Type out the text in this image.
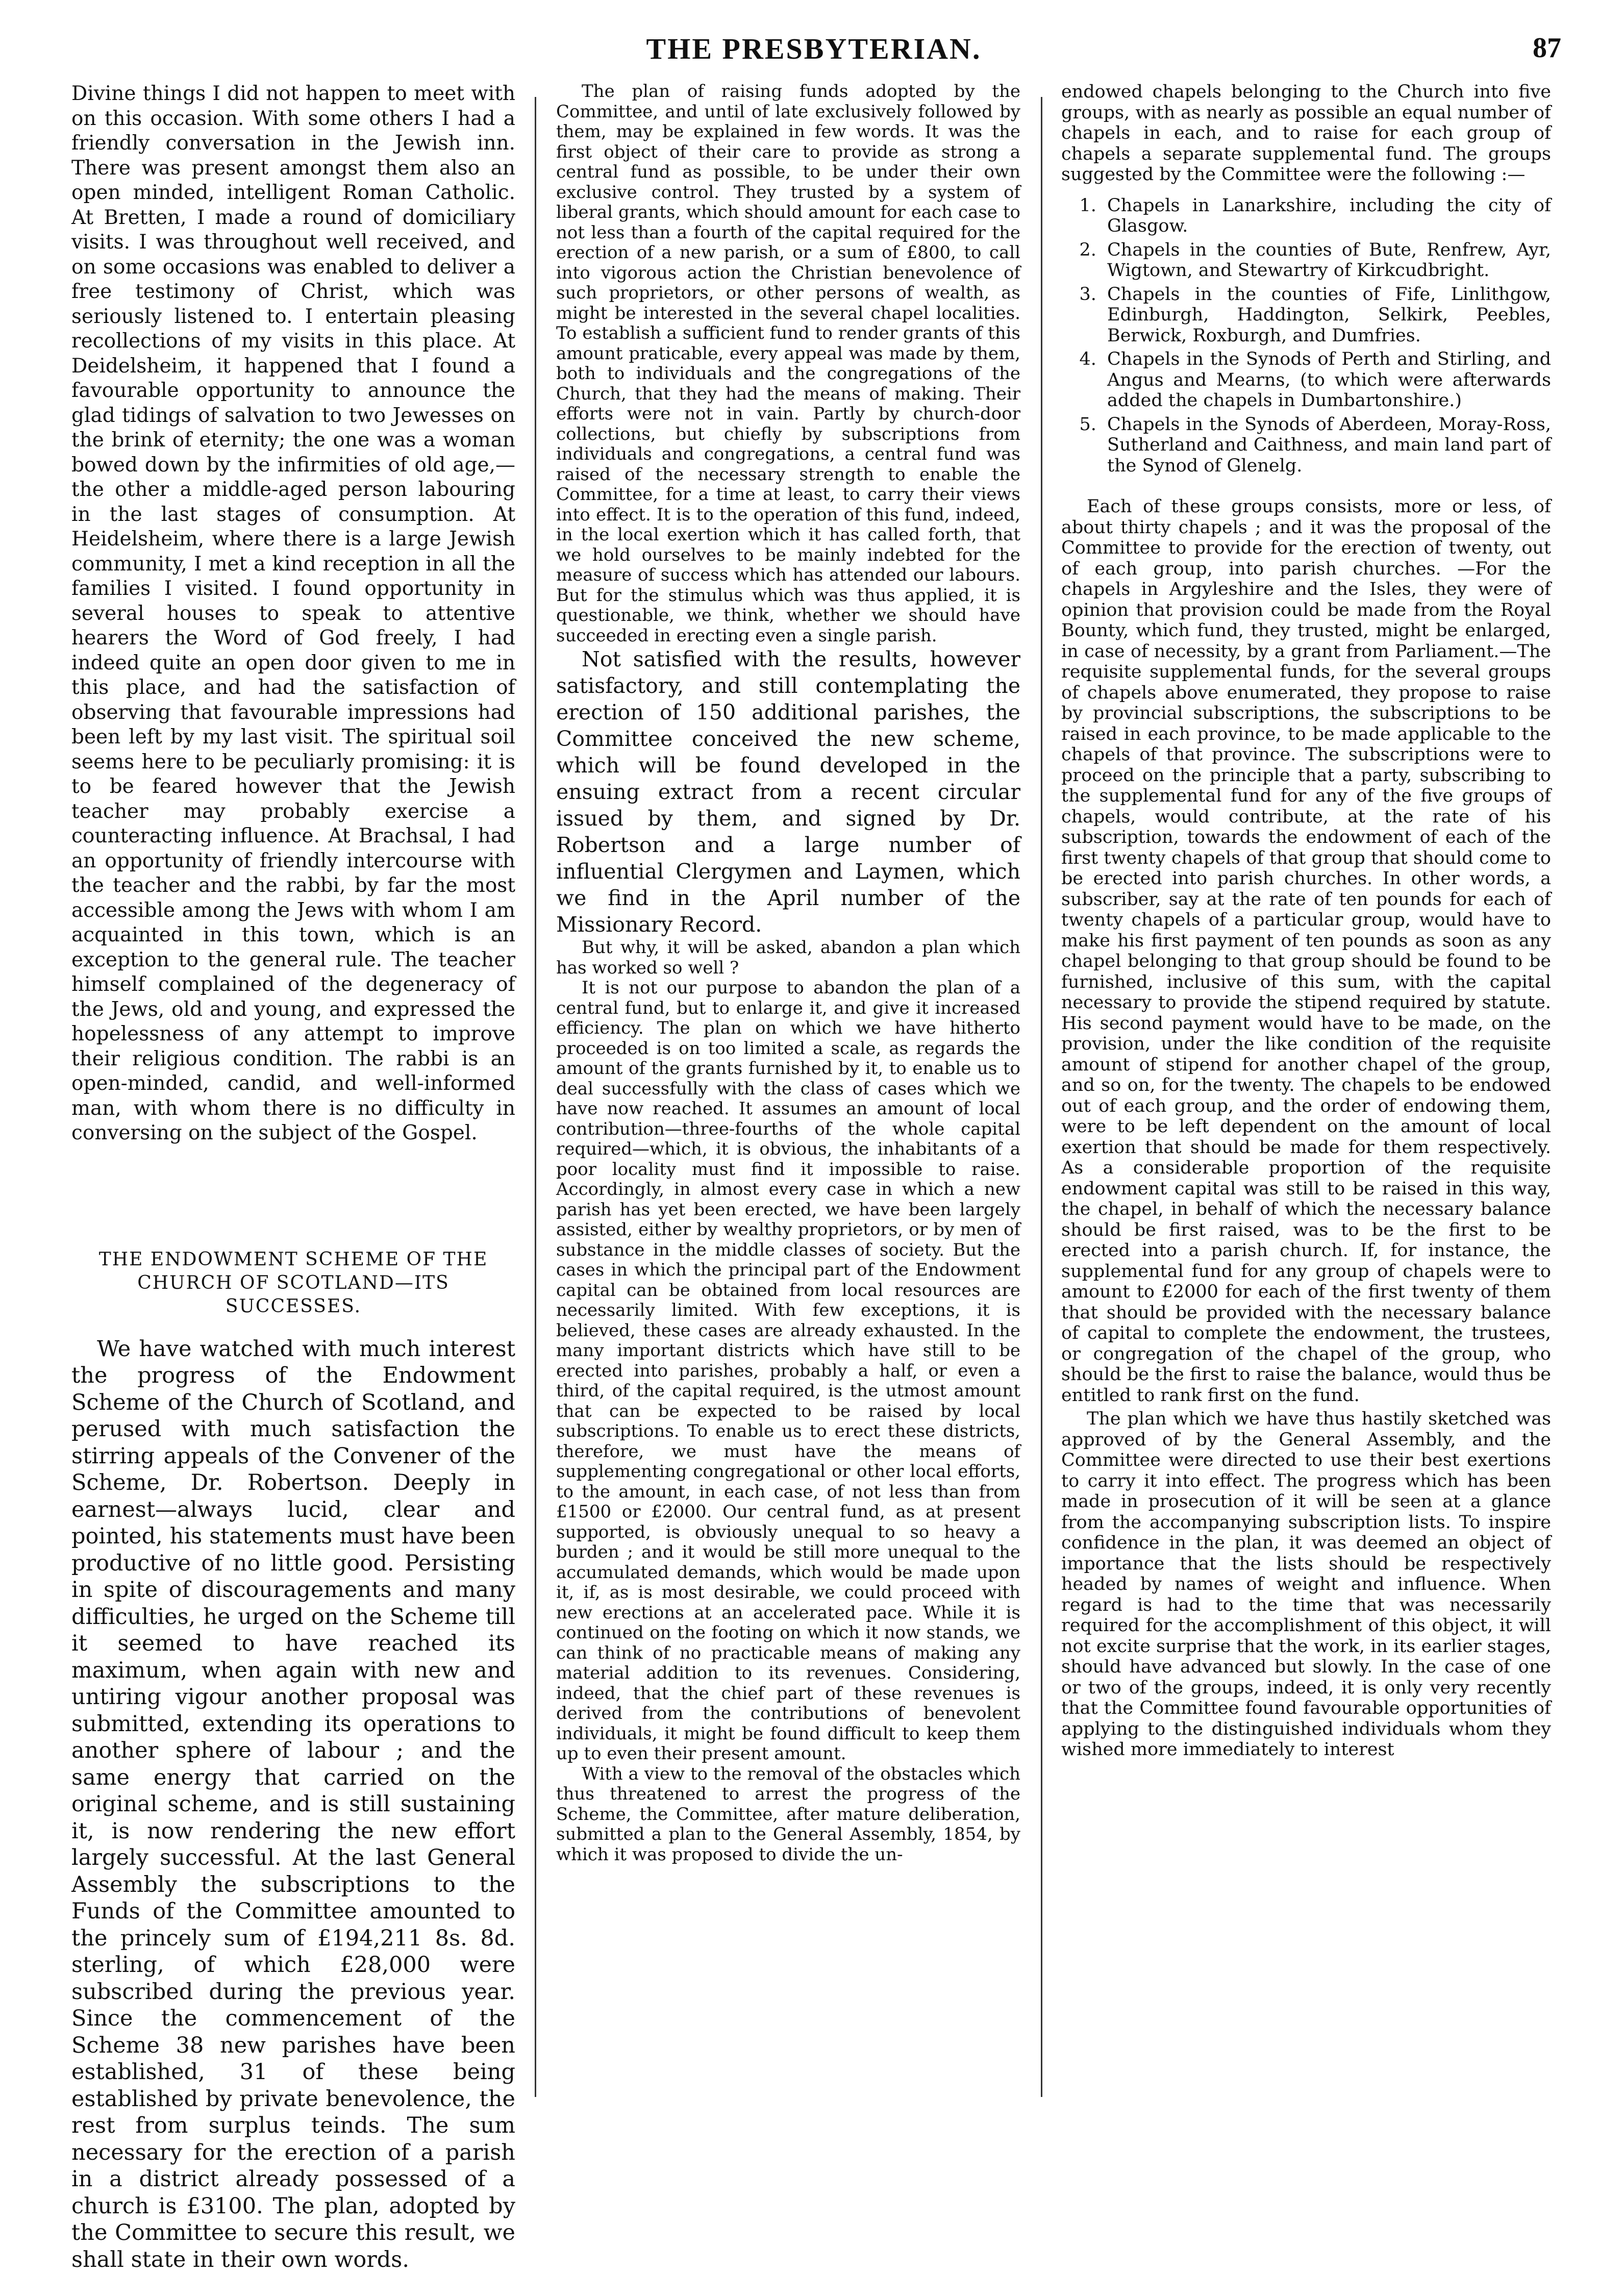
THE PRESBYTERIAN.	87

Divine things I did not happen to meet with on this occasion. With some others I had a friendly conversation in the Jewish inn. There was present amongst them also an open minded, intelligent Roman Catholic. At Bretten, I made a round of domiciliary visits. I was throughout well received, and on some occasions was enabled to deliver a free testimony of Christ, which was seriously listened to. I entertain pleasing recollections of my visits in this place. At Deidelsheim, it happened that I found a favourable opportunity to announce the glad tidings of salvation to two Jewesses on the brink of eternity; the one was a woman bowed down by the infirmities of old age,—the other a middle-aged person labouring in the last stages of consumption. At Heidelsheim, where there is a large Jewish community, I met a kind reception in all the families I visited. I found opportunity in several houses to speak to attentive hearers the Word of God freely, I had indeed quite an open door given to me in this place, and had the satisfaction of observing that favourable impressions had been left by my last visit. The spiritual soil seems here to be peculiarly promising: it is to be feared however that the Jewish teacher may probably exercise a counteracting influence. At Brachsal, I had an opportunity of friendly intercourse with the teacher and the rabbi, by far the most accessible among the Jews with whom I am acquainted in this town, which is an exception to the general rule. The teacher himself complained of the degeneracy of the Jews, old and young, and expressed the hopelessness of any attempt to improve their religious condition. The rabbi is an open-minded, candid, and well-informed man, with whom there is no difficulty in conversing on the subject of the Gospel.

THE ENDOWMENT SCHEME OF THE
CHURCH OF SCOTLAND—ITS SUCCESSES.

We have watched with much interest the progress of the Endowment Scheme of the Church of Scotland, and perused with much satisfaction the stirring appeals of the Convener of the Scheme, Dr. Robertson. Deeply in earnest—always lucid, clear and pointed, his statements must have been productive of no little good. Persisting in spite of discouragements and many difficulties, he urged on the Scheme till it seemed to have reached its maximum, when again with new and untiring vigour another proposal was submitted, extending its operations to another sphere of labour ; and the same energy that carried on the original scheme, and is still sustaining it, is now rendering the new effort largely successful. At the last General Assembly the subscriptions to the Funds of the Committee amounted to the princely sum of £194,211 8s. 8d. sterling, of which £28,000 were subscribed during the previous year. Since the commencement of the Scheme 38 new parishes have been established, 31 of these being established by private benevolence, the rest from surplus teinds. The sum necessary for the erection of a parish in a district already possessed of a church is £3100. The plan, adopted by the Committee to secure this result, we shall state in their own words.

The plan of raising funds adopted by the Committee, and until of late exclusively followed by them, may be explained in few words. It was the first object of their care to provide as strong a central fund as possible, to be under their own exclusive control. They trusted by a system of liberal grants, which should amount for each case to not less than a fourth of the capital required for the erection of a new parish, or a sum of £800, to call into vigorous action the Christian benevolence of such proprietors, or other persons of wealth, as might be interested in the several chapel localities. To establish a sufficient fund to render grants of this amount praticable, every appeal was made by them, both to individuals and the congregations of the Church, that they had the means of making. Their efforts were not in vain. Partly by church-door collections, but chiefly by subscriptions from individuals and congregations, a central fund was raised of the necessary strength to enable the Committee, for a time at least, to carry their views into effect. It is to the operation of this fund, indeed, in the local exertion which it has called forth, that we hold ourselves to be mainly indebted for the measure of success which has attended our labours. But for the stimulus which was thus applied, it is questionable, we think, whether we should have succeeded in erecting even a single parish.

Not satisfied with the results, however satisfactory, and still contemplating the erection of 150 additional parishes, the Committee conceived the new scheme, which will be found developed in the ensuing extract from a recent circular issued by them, and signed by Dr. Robertson and a large number of influential Clergymen and Laymen, which we find in the April number of the Missionary Record.

But why, it will be asked, abandon a plan which has worked so well ?

It is not our purpose to abandon the plan of a central fund, but to enlarge it, and give it increased efficiency. The plan on which we have hitherto proceeded is on too limited a scale, as regards the amount of the grants furnished by it, to enable us to deal successfully with the class of cases which we have now reached. It assumes an amount of local contribution—three-fourths of the whole capital required—which, it is obvious, the inhabitants of a poor locality must find it impossible to raise. Accordingly, in almost every case in which a new parish has yet been erected, we have been largely assisted, either by wealthy proprietors, or by men of substance in the middle classes of society. But the cases in which the principal part of the Endowment capital can be obtained from local resources are necessarily limited. With few exceptions, it is believed, these cases are already exhausted. In the many important districts which have still to be erected into parishes, probably a half, or even a third, of the capital required, is the utmost amount that can be expected to be raised by local subscriptions. To enable us to erect these districts, therefore, we must have the means of supplementing congregational or other local efforts, to the amount, in each case, of not less than from £1500 or £2000. Our central fund, as at present supported, is obviously unequal to so heavy a burden ; and it would be still more unequal to the accumulated demands, which would be made upon it, if, as is most desirable, we could proceed with new erections at an accelerated pace. While it is continued on the footing on which it now stands, we can think of no practicable means of making any material addition to its revenues. Considering, indeed, that the chief part of these revenues is derived from the contributions of benevolent individuals, it might be found difficult to keep them up to even their present amount.

With a view to the removal of the obstacles which thus threatened to arrest the progress of the Scheme, the Committee, after mature deliberation, submitted a plan to the General Assembly, 1854, by which it was proposed to divide the un-

endowed chapels belonging to the Church into five groups, with as nearly as possible an equal number of chapels in each, and to raise for each group of chapels a separate supplemental fund. The groups suggested by the Committee were the following :—

1. Chapels in Lanarkshire, including the city of Glasgow.
2. Chapels in the counties of Bute, Renfrew, Ayr, Wigtown, and Stewartry of Kirkcudbright.
3. Chapels in the counties of Fife, Linlithgow, Edinburgh, Haddington, Selkirk, Peebles, Berwick, Roxburgh, and Dumfries.
4. Chapels in the Synods of Perth and Stirling, and Angus and Mearns, (to which were afterwards added the chapels in Dumbartonshire.)
5. Chapels in the Synods of Aberdeen, Moray-Ross, Sutherland and Caithness, and main land part of the Synod of Glenelg.

Each of these groups consists, more or less, of about thirty chapels ; and it was the proposal of the Committee to provide for the erection of twenty, out of each group, into parish churches. —For the chapels in Argyleshire and the Isles, they were of opinion that provision could be made from the Royal Bounty, which fund, they trusted, might be enlarged, in case of necessity, by a grant from Parliament.—The requisite supplemental funds, for the several groups of chapels above enumerated, they propose to raise by provincial subscriptions, the subscriptions to be raised in each province, to be made applicable to the chapels of that province. The subscriptions were to proceed on the principle that a party, subscribing to the supplemental fund for any of the five groups of chapels, would contribute, at the rate of his subscription, towards the endowment of each of the first twenty chapels of that group that should come to be erected into parish churches. In other words, a subscriber, say at the rate of ten pounds for each of twenty chapels of a particular group, would have to make his first payment of ten pounds as soon as any chapel belonging to that group should be found to be furnished, inclusive of this sum, with the capital necessary to provide the stipend required by statute. His second payment would have to be made, on the provision, under the like condition of the requisite amount of stipend for another chapel of the group, and so on, for the twenty. The chapels to be endowed out of each group, and the order of endowing them, were to be left dependent on the amount of local exertion that should be made for them respectively. As a considerable proportion of the requisite endowment capital was still to be raised in this way, the chapel, in behalf of which the necessary balance should be first raised, was to be the first to be erected into a parish church. If, for instance, the supplemental fund for any group of chapels were to amount to £2000 for each of the first twenty of them that should be provided with the necessary balance of capital to complete the endowment, the trustees, or congregation of the chapel of the group, who should be the first to raise the balance, would thus be entitled to rank first on the fund.

The plan which we have thus hastily sketched was approved of by the General Assembly, and the Committee were directed to use their best exertions to carry it into effect. The progress which has been made in prosecution of it will be seen at a glance from the accompanying subscription lists. To inspire confidence in the plan, it was deemed an object of importance that the lists should be respectively headed by names of weight and influence. When regard is had to the time that was necessarily required for the accomplishment of this object, it will not excite surprise that the work, in its earlier stages, should have advanced but slowly. In the case of one or two of the groups, indeed, it is only very recently that the Committee found favourable opportunities of applying to the distinguished individuals whom they wished more immediately to interest
